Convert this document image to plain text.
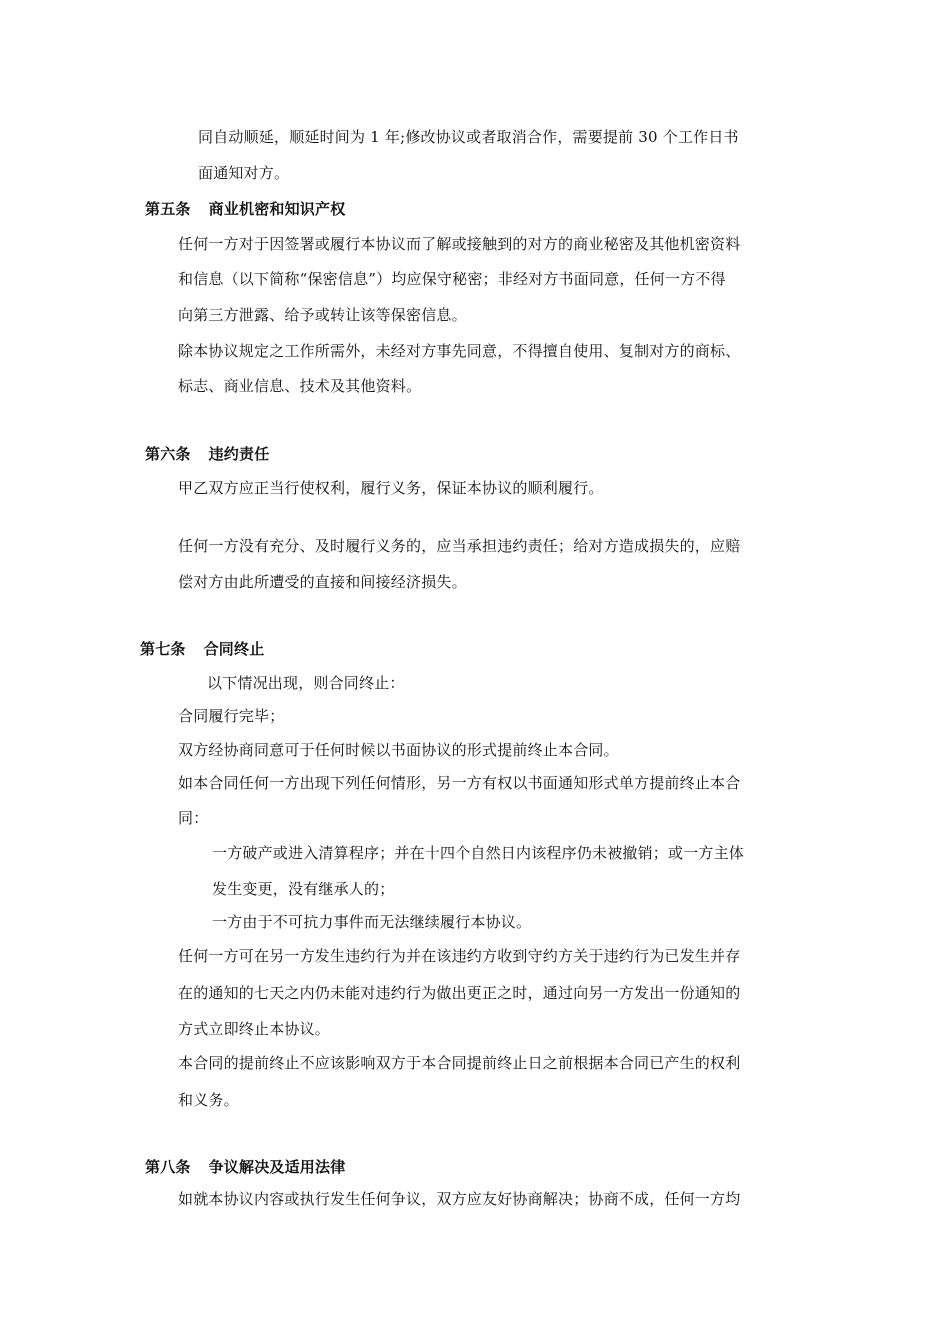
同自动顺延，顺延时间为 1 年;修改协议或者取消合作，需要提前 30 个工作日书
面通知对方。
第五条 商业机密和知识产权
任何一方对于因签署或履行本协议而了解或接触到的对方的商业秘密及其他机密资料
和信息（以下简称“保密信息”）均应保守秘密；非经对方书面同意，任何一方不得
向第三方泄露、给予或转让该等保密信息。
除本协议规定之工作所需外，未经对方事先同意，不得擅自使用、复制对方的商标、
标志、商业信息、技术及其他资料。
第六条 违约责任
甲乙双方应正当行使权利，履行义务，保证本协议的顺利履行。
任何一方没有充分、及时履行义务的，应当承担违约责任；给对方造成损失的，应赔
偿对方由此所遭受的直接和间接经济损失。
第七条 合同终止
以下情况出现，则合同终止：
合同履行完毕；
双方经协商同意可于任何时候以书面协议的形式提前终止本合同。
如本合同任何一方出现下列任何情形，另一方有权以书面通知形式单方提前终止本合
同：
一方破产或进入清算程序；并在十四个自然日内该程序仍未被撤销；或一方主体
发生变更，没有继承人的；
一方由于不可抗力事件而无法继续履行本协议。
任何一方可在另一方发生违约行为并在该违约方收到守约方关于违约行为已发生并存
在的通知的七天之内仍未能对违约行为做出更正之时，通过向另一方发出一份通知的
方式立即终止本协议。
本合同的提前终止不应该影响双方于本合同提前终止日之前根据本合同已产生的权利
和义务。
第八条 争议解决及适用法律
如就本协议内容或执行发生任何争议，双方应友好协商解决；协商不成，任何一方均
